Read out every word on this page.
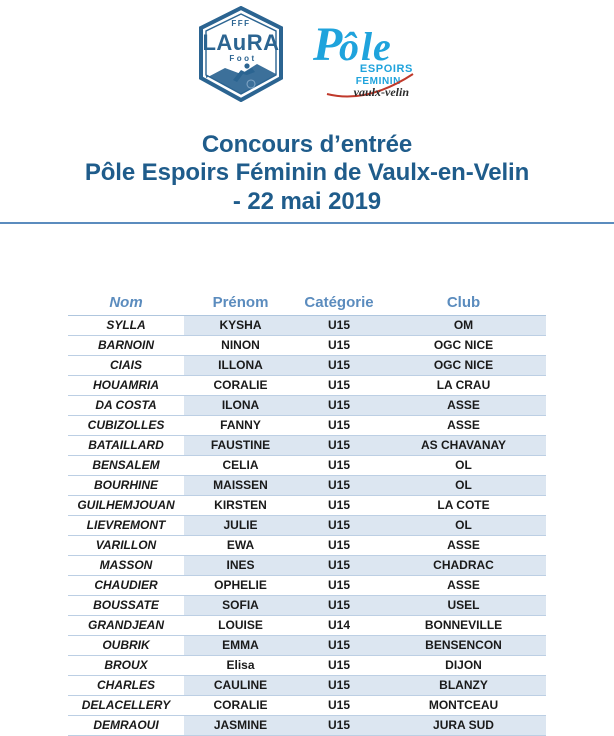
FFF
LAuRA
Foot P
ô l e
ESPOIRS
FEMININ
vaulx-velin
Concours d’entrée
Pôle Espoirs Féminin de Vaulx-en-Velin
- 22 mai 2019
Nom	Prénom	Catégorie	Club
SYLLA	KYSHA	U15	OM
BARNOIN	NINON	U15	OGC NICE
CIAIS	ILLONA	U15	OGC NICE
HOUAMRIA	CORALIE	U15	LA CRAU
DA COSTA	ILONA	U15	ASSE
CUBIZOLLES	FANNY	U15	ASSE
BATAILLARD	FAUSTINE	U15	AS CHAVANAY
BENSALEM	CELIA	U15	OL
BOURHINE	MAISSEN	U15	OL
GUILHEMJOUAN	KIRSTEN	U15	LA COTE
LIEVREMONT	JULIE	U15	OL
VARILLON	EWA	U15	ASSE
MASSON	INES	U15	CHADRAC
CHAUDIER	OPHELIE	U15	ASSE
BOUSSATE	SOFIA	U15	USEL
GRANDJEAN	LOUISE	U14	BONNEVILLE
OUBRIK	EMMA	U15	BENSENCON
BROUX	Elisa	U15	DIJON
CHARLES	CAULINE	U15	BLANZY
DELACELLERY	CORALIE	U15	MONTCEAU
DEMRAOUI	JASMINE	U15	JURA SUD
